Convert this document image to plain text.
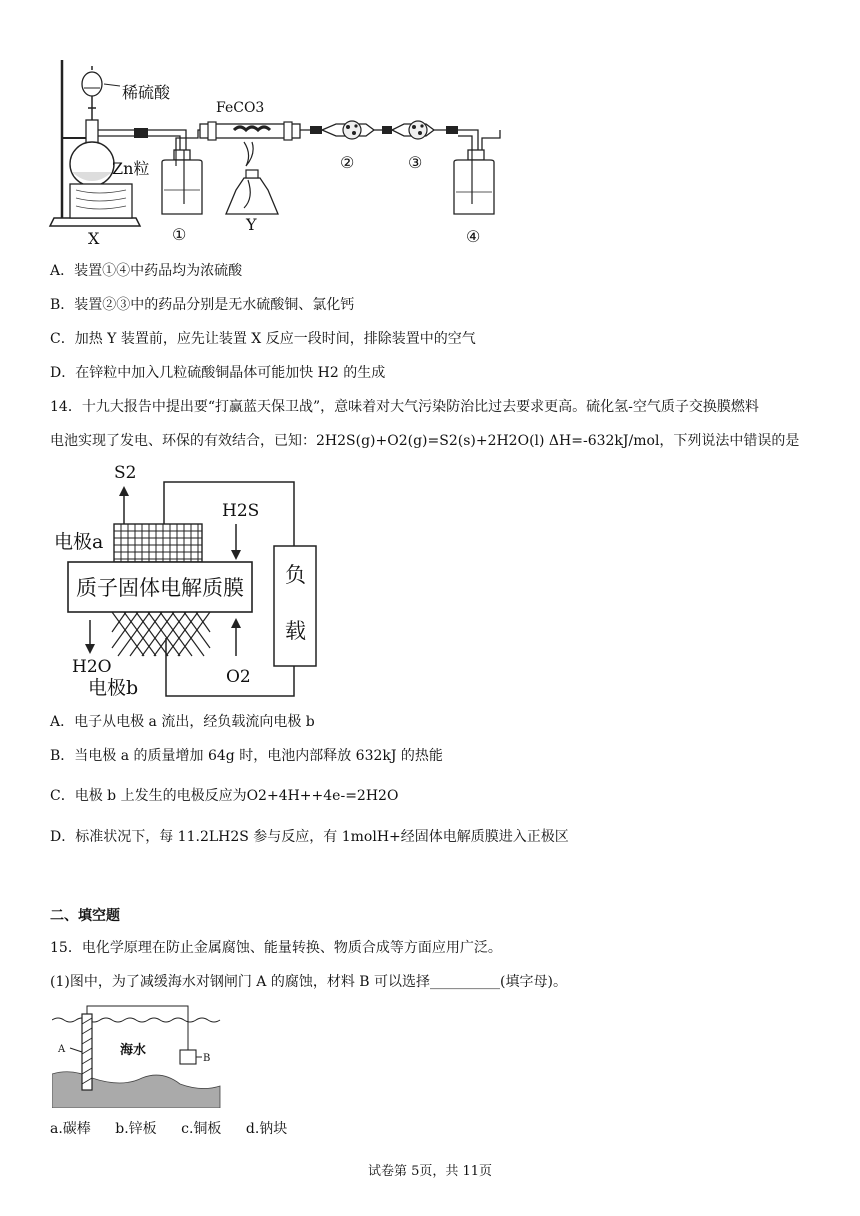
稀硫酸
FeCO3
Zn粒
X
Y
①
②	③
④
A．装置①④中药品均为浓硫酸
B．装置②③中的药品分别是无水硫酸铜、氯化钙
C．加热 Y 装置前，应先让装置 X 反应一段时间，排除装置中的空气
D．在锌粒中加入几粒硫酸铜晶体可能加快 H2 的生成
14．十九大报告中提出要“打赢蓝天保卫战”，意味着对大气污染防治比过去要求更高。硫化氢-空气质子交换膜燃料
电池实现了发电、环保的有效结合，已知：2H2S(g)+O2(g)=S2(s)+2H2O(l) ΔH=-632kJ/mol，下列说法中错误的是
S2
H2S
电极a
质子固体电解质膜
负
载
H2O
电极b	O2
A．电子从电极 a 流出，经负载流向电极 b
B．当电极 a 的质量增加 64g 时，电池内部释放 632kJ 的热能
C．电极 b 上发生的电极反应为O2+4H++4e-=2H2O
D．标准状况下，每 11.2LH2S 参与反应，有 1molH+经固体电解质膜进入正极区
二、填空题
15．电化学原理在防止金属腐蚀、能量转换、物质合成等方面应用广泛。
(1)图中，为了减缓海水对钢闸门 A 的腐蚀，材料 B 可以选择__________(填字母)。
A
B
海水
a.碳棒 b.锌板 c.铜板 d.钠块
试卷第 5页，共 11页
